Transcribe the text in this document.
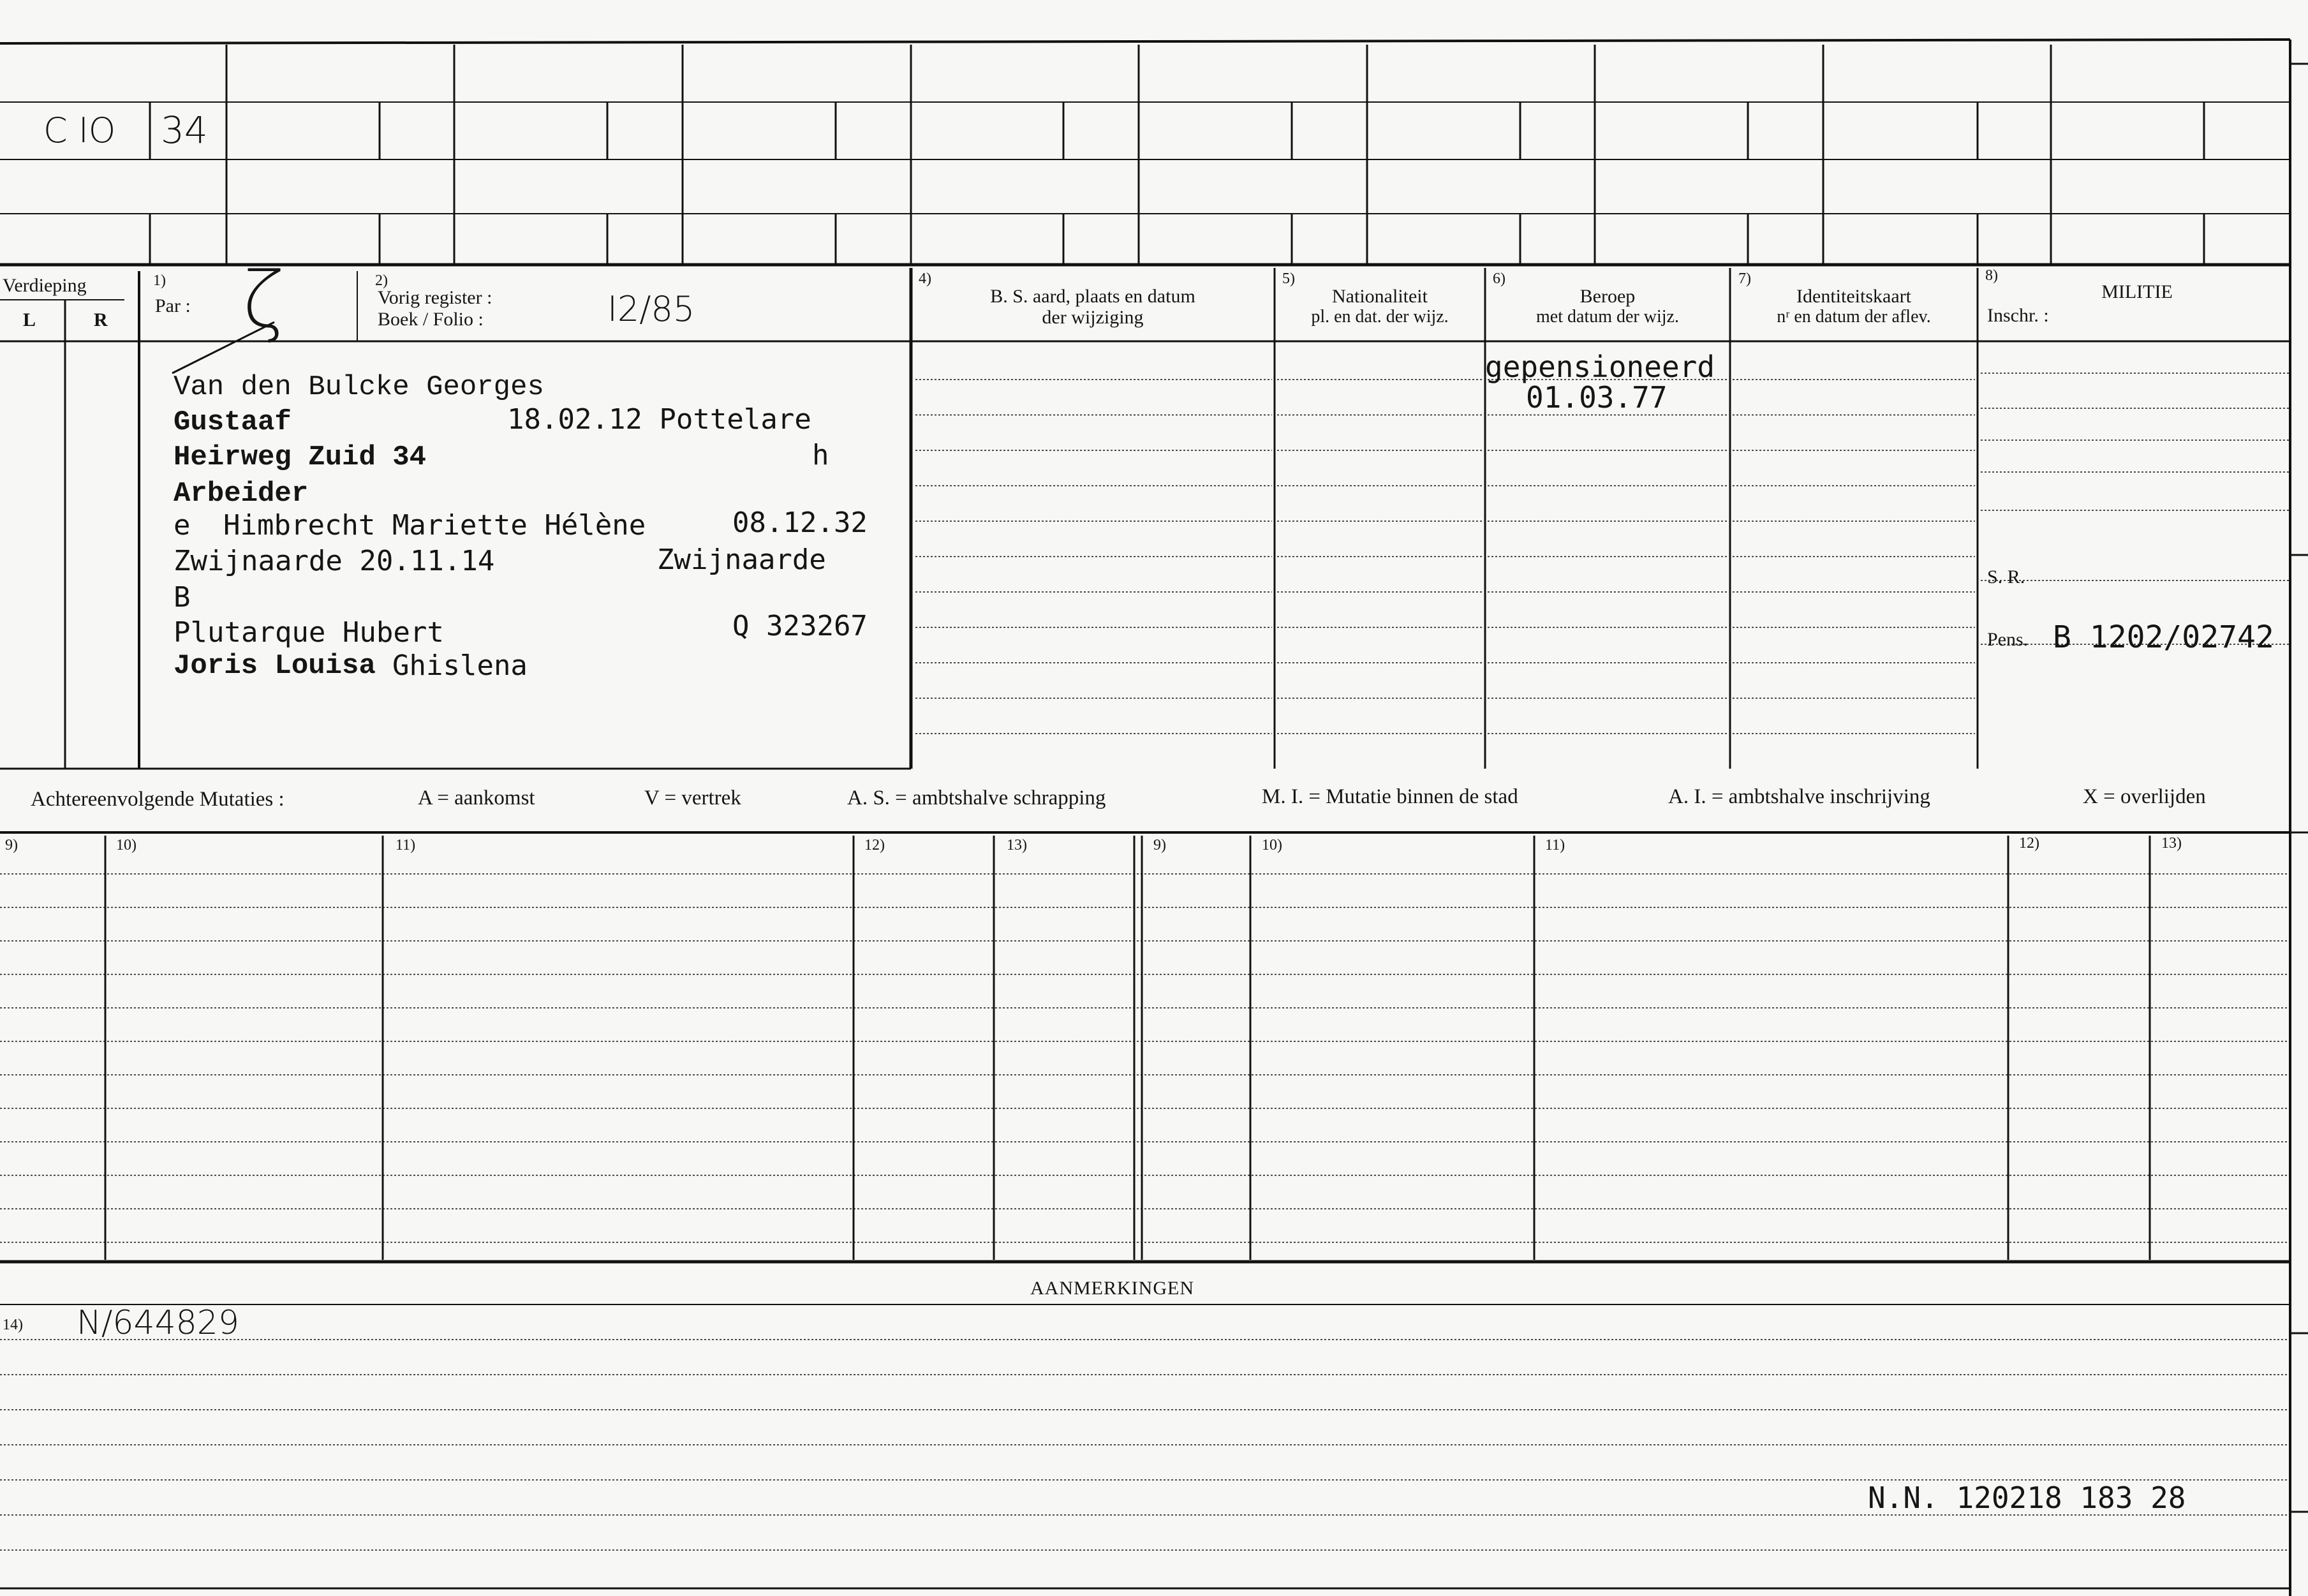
C IO 34
Verdieping
L	R
1)
Par : ζ	2)
Vorig register :
Boek / Folio :	I2/85
4)
B. S. aard, plaats en datum
der wijziging
5)
Nationaliteit
pl. en dat. der wijz.
6)
Beroep
met datum der wijz.
gepensioneerd
01.03.77
7)
Identiteitskaart
nʳ en datum der aflev.
8)
MILITIE
Inschr. :
S. R.
Pens. B 1202/02742
Van den Bulcke Georges
Gustaaf	18.02.12 Pottelare
Heirweg Zuid 34	h
Arbeider
e Himbrecht Mariette Hélène	08.12.32
Zwijnaarde 20.11.14	Zwijnaarde
B
Plutarque Hubert	Q 323267
Joris Louisa Ghislena
Achtereenvolgende Mutaties :	A = aankomst	V = vertrek	A. S. = ambtshalve schrapping	M. I. = Mutatie binnen de stad	A. I. = ambtshalve inschrijving	X = overlijden
9)	10)	11)	12)	13)	9)	10)	11)	12)	13)
AANMERKINGEN
14) N/644829
N.N. 120218 183 28
